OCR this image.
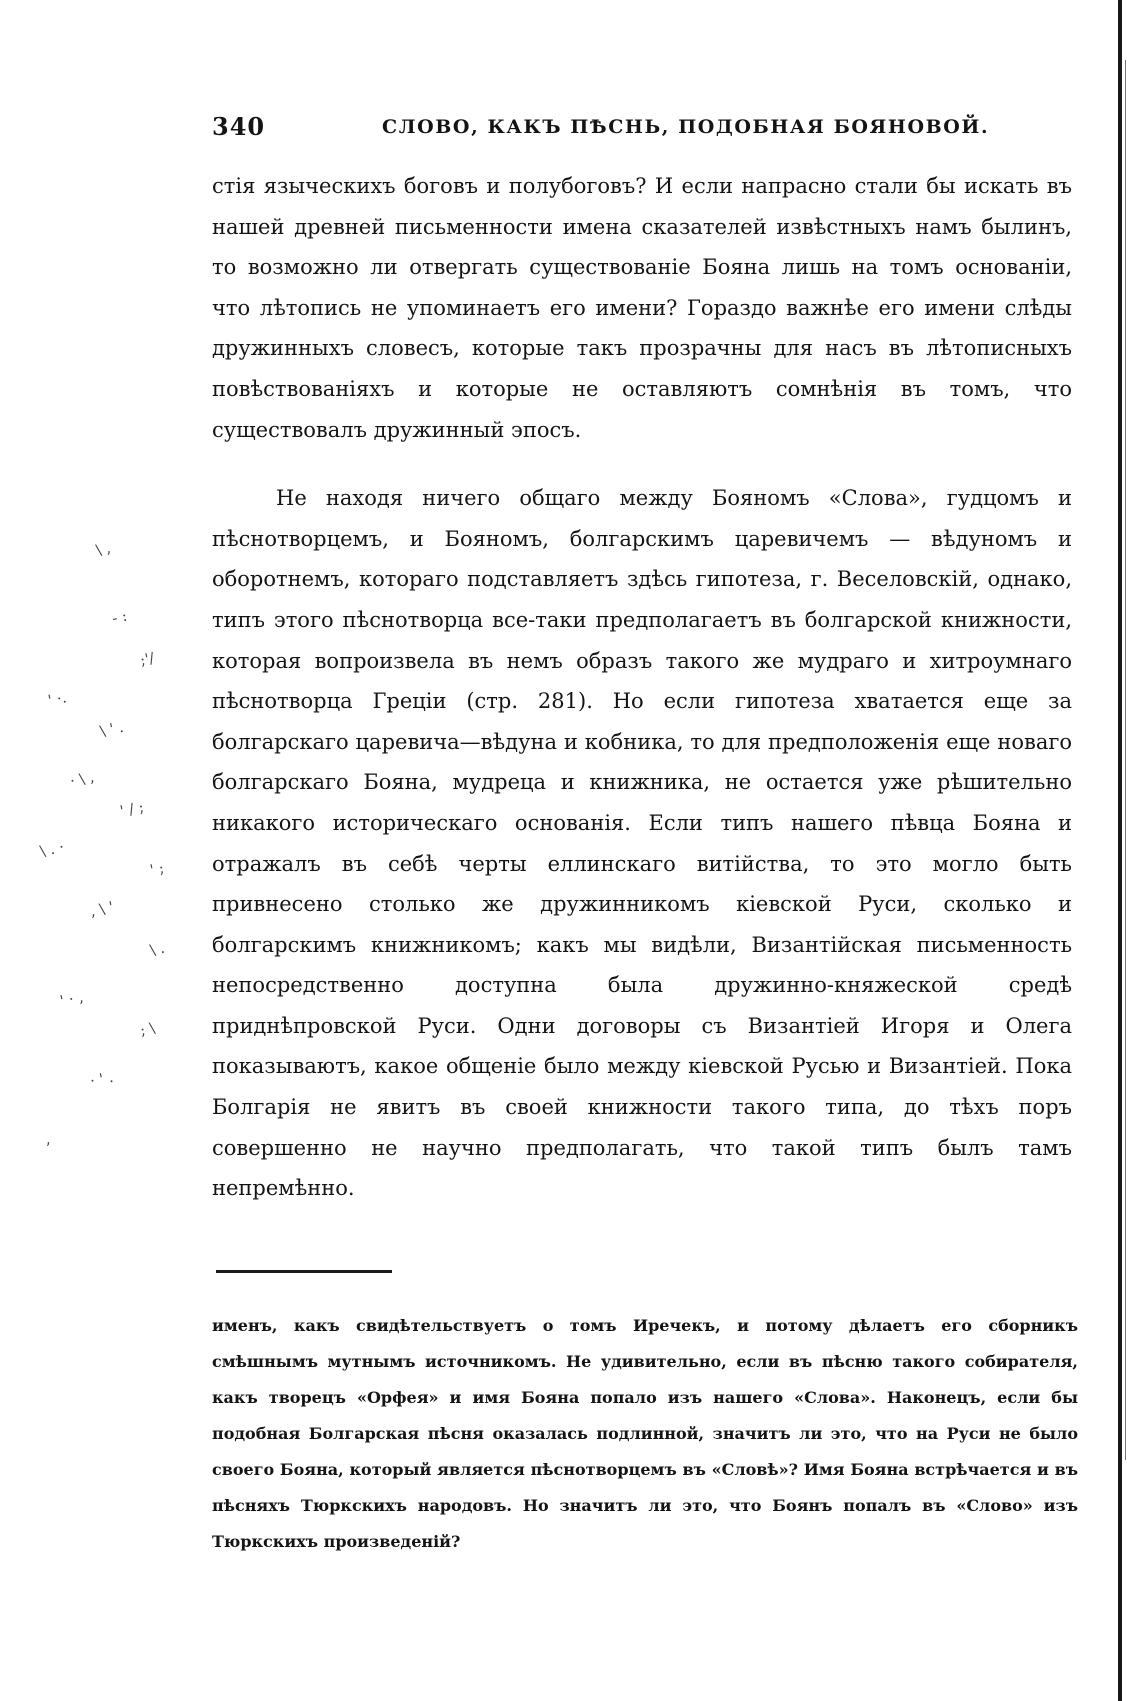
340	СЛОВО, КАКЪ ПѢСНЬ, ПОДОБНАЯ БОЯНОВОЙ.

стія языческихъ боговъ и полубоговъ? И если напрасно стали бы искать въ нашей древней письменности имена сказателей извѣстныхъ намъ былинъ, то возможно ли отвергать существованіе Бояна лишь на томъ основаніи, что лѣтопись не упоминаетъ его имени? Гораздо важнѣе его имени слѣды дружинныхъ словесъ, которые такъ прозрачны для насъ въ лѣтописныхъ повѣствованіяхъ и которые не оставляютъ сомнѣнія въ томъ, что существовалъ дружинный эпосъ.

Не находя ничего общаго между Бояномъ «Слова», гудцомъ и пѣснотворцемъ, и Бояномъ, болгарскимъ царевичемъ — вѣдуномъ и оборотнемъ, котораго подставляетъ здѣсь гипотеза, г. Веселовскій, однако, типъ этого пѣснотворца все-таки предполагаетъ въ болгарской книжности, которая вопроизвела въ немъ образъ такого же мудраго и хитроумнаго пѣснотворца Греціи (стр. 281). Но если гипотеза хватается еще за болгарскаго царевича—вѣдуна и кобника, то для предположенія еще новаго болгарскаго Бояна, мудреца и книжника, не остается уже рѣшительно никакого историческаго основанія. Если типъ нашего пѣвца Бояна и отражалъ въ себѣ черты еллинскаго витійства, то это могло быть привнесено столько же дружинникомъ кіевской Руси, сколько и болгарскимъ книжникомъ; какъ мы видѣли, Византійская письменность непосредственно доступна была дружинно-княжеской средѣ приднѣпровской Руси. Одни договоры съ Византіей Игоря и Олега показываютъ, какое общеніе было между кіевской Русью и Византіей. Пока Болгарія не явитъ въ своей книжности такого типа, до тѣхъ поръ совершенно не научно предполагать, что такой типъ былъ тамъ непремѣнно.

именъ, какъ свидѣтельствуетъ о томъ Иречекъ, и потому дѣлаетъ его сборникъ смѣшнымъ мутнымъ источникомъ. Не удивительно, если въ пѣсню такого собирателя, какъ творецъ «Орфея» и имя Бояна попало изъ нашего «Слова». Наконецъ, если бы подобная Болгарская пѣсня оказалась подлинной, значитъ ли это, что на Руси не было своего Бояна, который является пѣснотворцемъ въ «Словѣ»? Имя Бояна встрѣчается и въ пѣсняхъ Тюркскихъ народовъ. Но значитъ ли это, что Боянъ попалъ въ «Слово» изъ Тюркскихъ произведеній?

\ ,
- :
;'/
' ·.
\ ' .
· \ ,
' / ;
\ . ·
' ;
, \ '
\ .
' · ,
; \
· ' .
,
